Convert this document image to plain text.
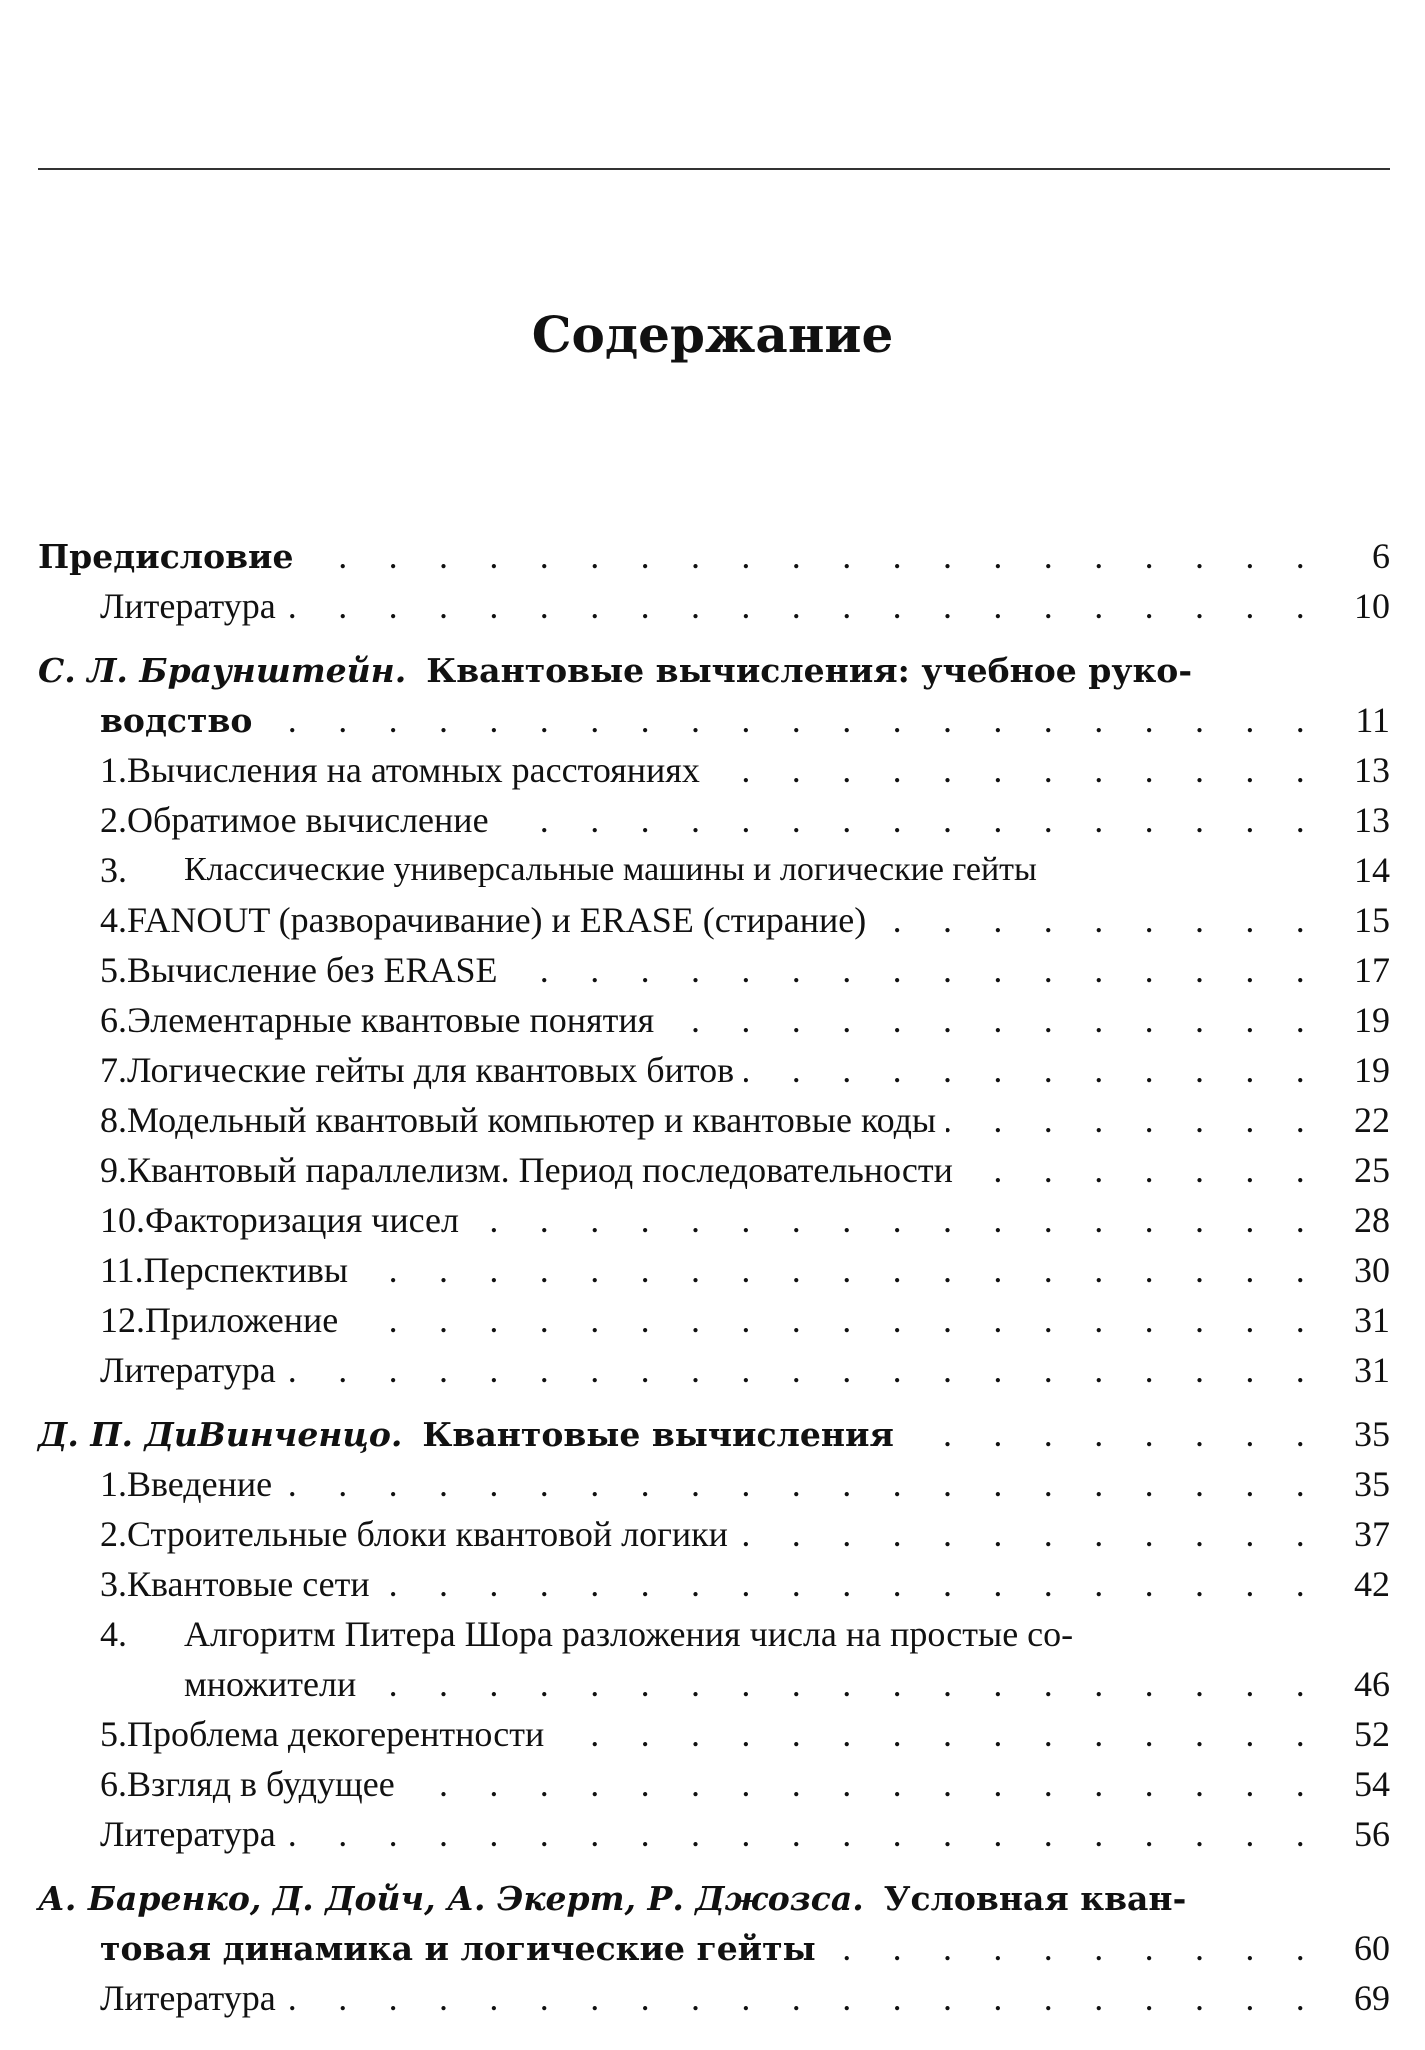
Содержание
Предисловие . . .	6
Литература . . .	10
С. Л. Браунштейн. Квантовые вычисления: учебное руко-
водство . . .	11
1. Вычисления на атомных расстояниях . . .	13
2. Обратимое вычисление . . .	13
3.	Классические универсальные машины и логические гейты	14
4. FANOUT (разворачивание) и ERASE (стирание) . . .	15
5. Вычисление без ERASE . . .	17
6. Элементарные квантовые понятия . . .	19
7. Логические гейты для квантовых битов . . .	19
8. Модельный квантовый компьютер и квантовые коды . . .	22
9. Квантовый параллелизм. Период последовательности . . .	25
10. Факторизация чисел . . .	28
11. Перспективы . . .	30
12. Приложение . . .	31
Литература . . .	31
Д. П. ДиВинченцо. Квантовые вычисления . . .	35
1. Введение . . .	35
2. Строительные блоки квантовой логики . . .	37
3. Квантовые сети . . .	42
4.	Алгоритм Питера Шора разложения числа на простые со-
множители . . .	46
5. Проблема декогерентности . . .	52
6. Взгляд в будущее . . .	54
Литература . . .	56
А. Баренко, Д. Дойч, А. Экерт, Р. Джозса. Условная кван-
товая динамика и логические гейты . . .	60
Литература . . .	69
